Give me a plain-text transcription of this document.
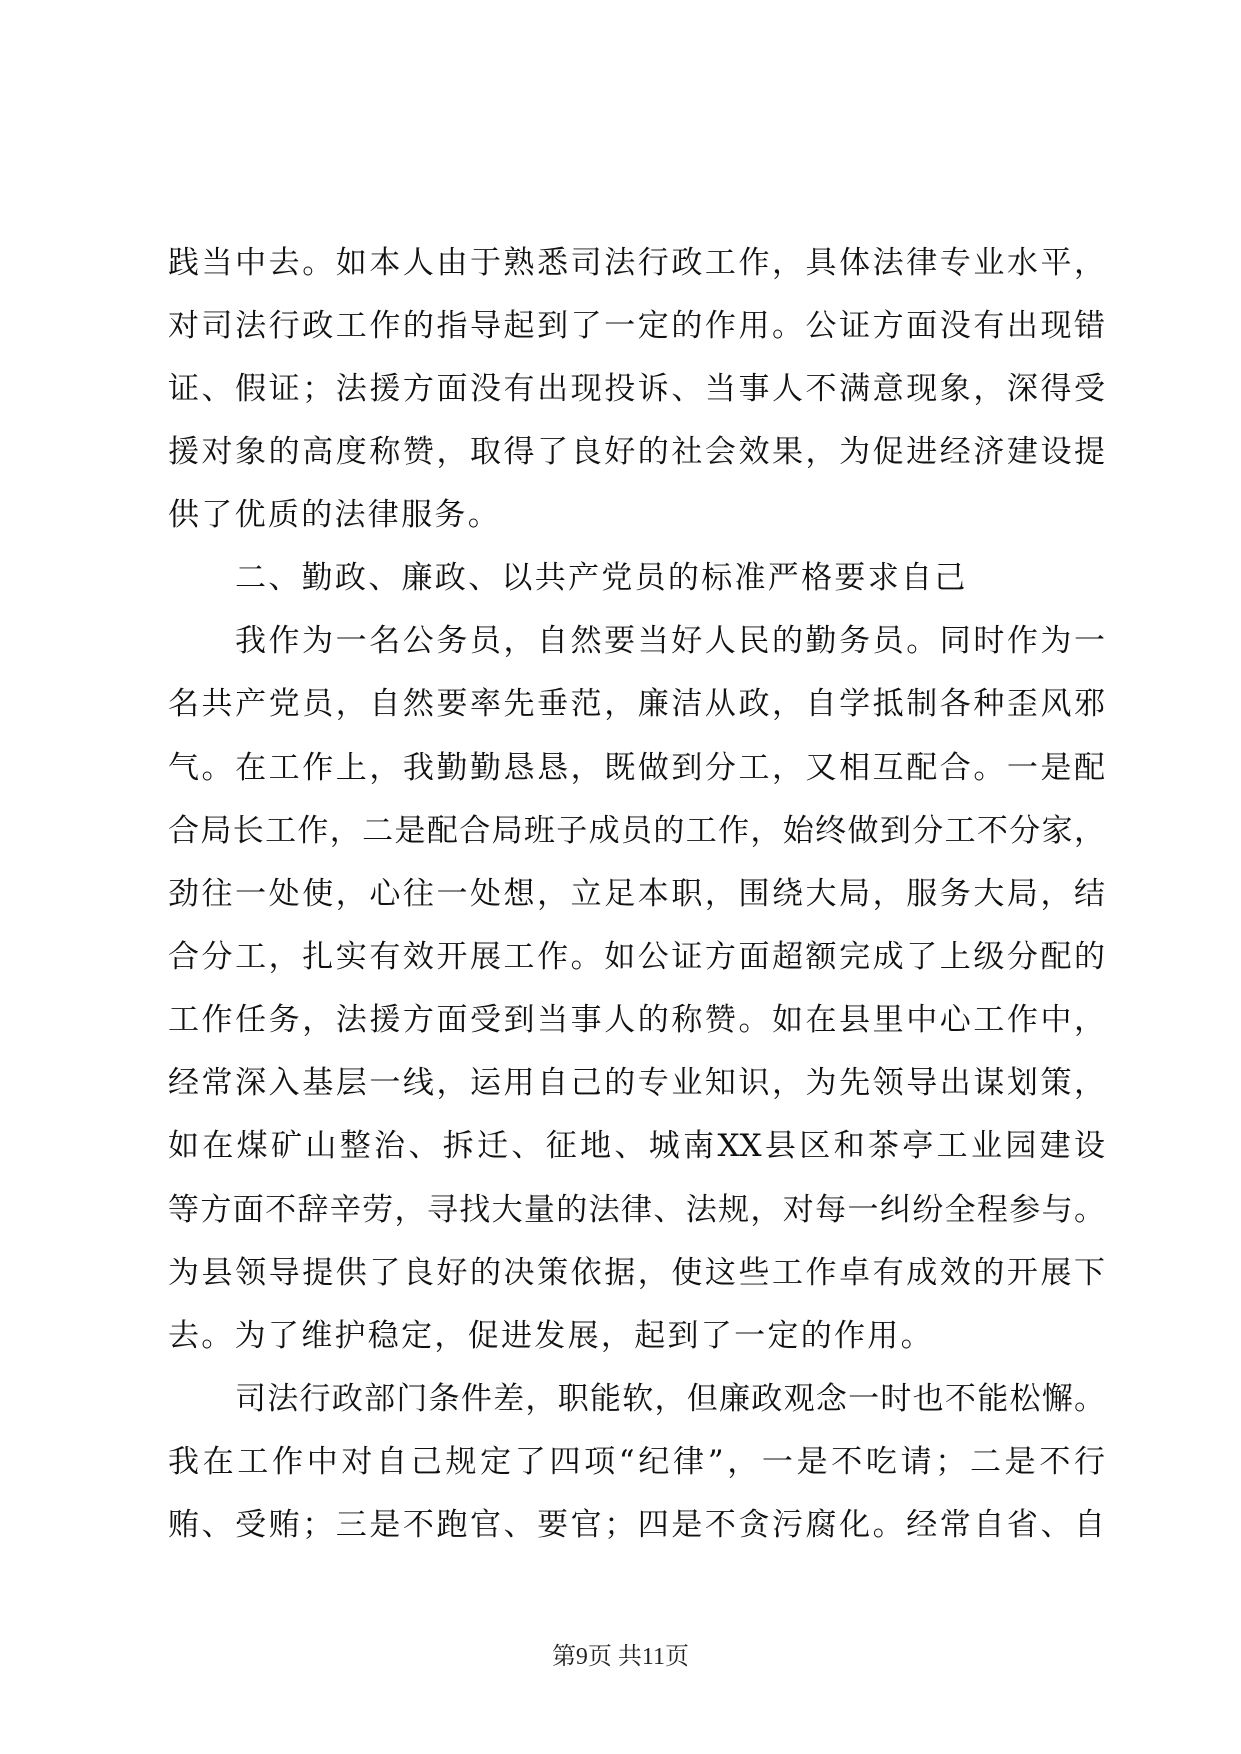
践当中去。如本人由于熟悉司法行政工作，具体法律专业水平，
对司法行政工作的指导起到了一定的作用。公证方面没有出现错
证、假证；法援方面没有出现投诉、当事人不满意现象，深得受
援对象的高度称赞，取得了良好的社会效果，为促进经济建设提
供了优质的法律服务。
二、勤政、廉政、以共产党员的标准严格要求自己
我作为一名公务员，自然要当好人民的勤务员。同时作为一
名共产党员，自然要率先垂范，廉洁从政，自学抵制各种歪风邪
气。在工作上，我勤勤恳恳，既做到分工，又相互配合。一是配
合局长工作，二是配合局班子成员的工作，始终做到分工不分家，
劲往一处使，心往一处想，立足本职，围绕大局，服务大局，结
合分工，扎实有效开展工作。如公证方面超额完成了上级分配的
工作任务，法援方面受到当事人的称赞。如在县里中心工作中，
经常深入基层一线，运用自己的专业知识，为先领导出谋划策，
如在煤矿山整治、拆迁、征地、城南XX县区和茶亭工业园建设
等方面不辞辛劳，寻找大量的法律、法规，对每一纠纷全程参与。
为县领导提供了良好的决策依据，使这些工作卓有成效的开展下
去。为了维护稳定，促进发展，起到了一定的作用。
司法行政部门条件差，职能软，但廉政观念一时也不能松懈。
我在工作中对自己规定了四项“纪律”，一是不吃请；二是不行
贿、受贿；三是不跑官、要官；四是不贪污腐化。经常自省、自
第9页 共11页
